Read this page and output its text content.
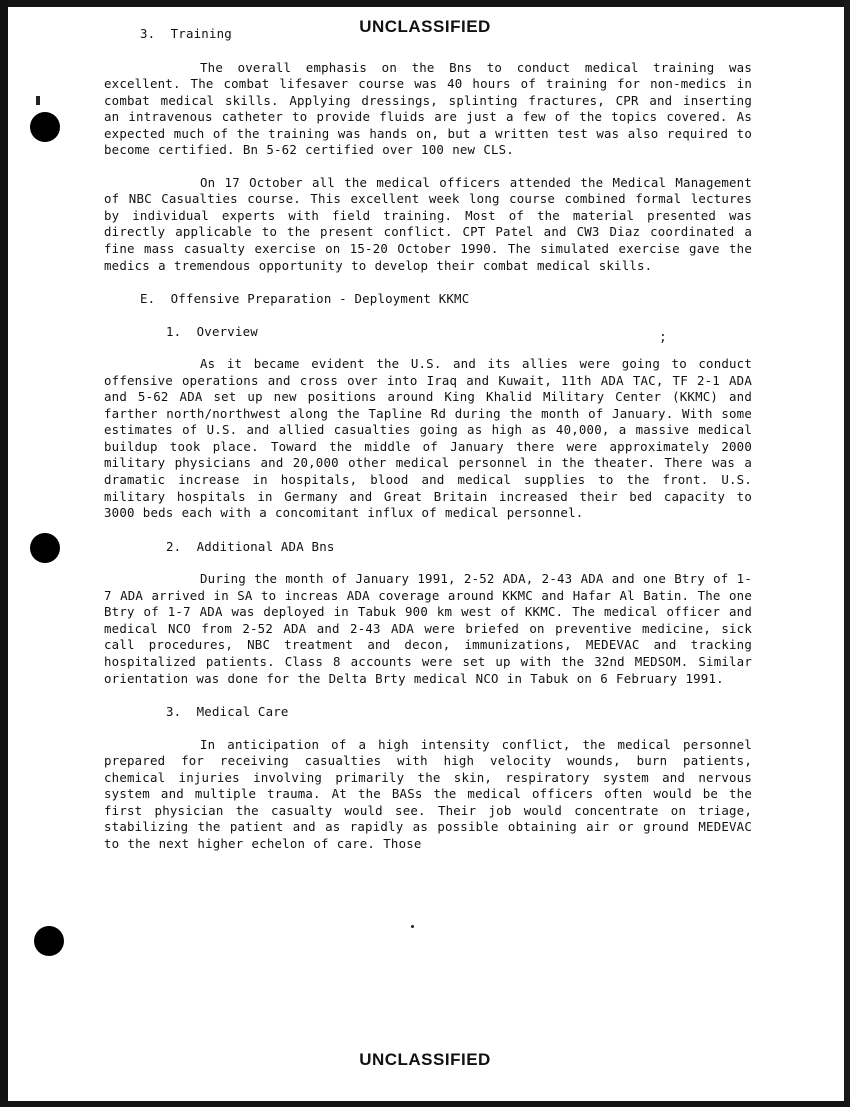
UNCLASSIFIED
3.  Training

The overall emphasis on the Bns to conduct medical training was excellent. The combat lifesaver course was 40 hours of training for non-medics in combat medical skills. Applying dressings, splinting fractures, CPR and inserting an intravenous catheter to provide fluids are just a few of the topics covered. As expected much of the training was hands on, but a written test was also required to become certified. Bn 5-62 certified over 100 new CLS.

On 17 October all the medical officers attended the Medical Management of NBC Casualties course. This excellent week long course combined formal lectures by individual experts with field training. Most of the material presented was directly applicable to the present conflict. CPT Patel and CW3 Diaz coordinated a fine mass casualty exercise on 15-20 October 1990. The simulated exercise gave the medics a tremendous opportunity to develop their combat medical skills.

E.  Offensive Preparation - Deployment KKMC
1.  Overview

As it became evident the U.S. and its allies were going to conduct offensive operations and cross over into Iraq and Kuwait, 11th ADA TAC, TF 2-1 ADA and 5-62 ADA set up new positions around King Khalid Military Center (KKMC) and farther north/northwest along the Tapline Rd during the month of January. With some estimates of U.S. and allied casualties going as high as 40,000, a massive medical buildup took place. Toward the middle of January there were approximately 2000 military physicians and 20,000 other medical personnel in the theater. There was a dramatic increase in hospitals, blood and medical supplies to the front. U.S. military hospitals in Germany and Great Britain increased their bed capacity to 3000 beds each with a concomitant influx of medical personnel.

2.  Additional ADA Bns

During the month of January 1991, 2-52 ADA, 2-43 ADA and one Btry of 1-7 ADA arrived in SA to increas ADA coverage around KKMC and Hafar Al Batin. The one Btry of 1-7 ADA was deployed in Tabuk 900 km west of KKMC. The medical officer and medical NCO from 2-52 ADA and 2-43 ADA were briefed on preventive medicine, sick call procedures, NBC treatment and decon, immunizations, MEDEVAC and tracking hospitalized patients. Class 8 accounts were set up with the 32nd MEDSOM. Similar orientation was done for the Delta Brty medical NCO in Tabuk on 6 February 1991.

3.  Medical Care

In anticipation of a high intensity conflict, the medical personnel prepared for receiving casualties with high velocity wounds, burn patients, chemical injuries involving primarily the skin, respiratory system and nervous system and multiple trauma. At the BASs the medical officers often would be the first physician the casualty would see. Their job would concentrate on triage, stabilizing the patient and as rapidly as possible obtaining air or ground MEDEVAC to the next higher echelon of care. Those

;
UNCLASSIFIED
